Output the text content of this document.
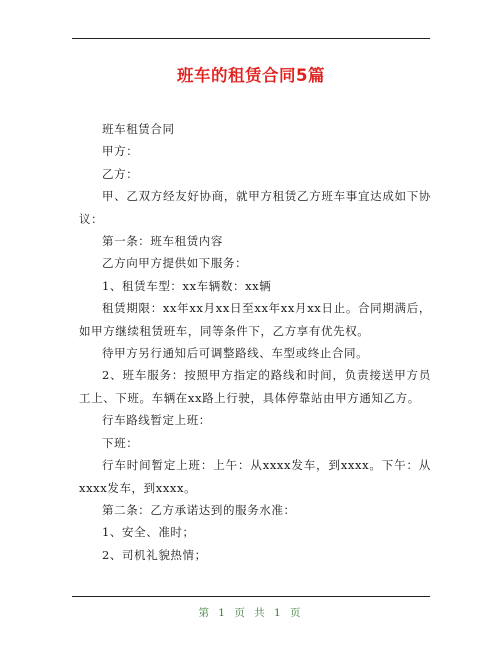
班车的租赁合同5篇

班车租赁合同

甲方：

乙方：

甲、乙双方经友好协商，就甲方租赁乙方班车事宜达成如下协议：

第一条：班车租赁内容

乙方向甲方提供如下服务：

1、租赁车型：xx车辆数：xx辆

租赁期限：xx年xx月xx日至xx年xx月xx日止。合同期满后，如甲方继续租赁班车，同等条件下，乙方享有优先权。

待甲方另行通知后可调整路线、车型或终止合同。

2、班车服务：按照甲方指定的路线和时间，负责接送甲方员工上、下班。车辆在xx路上行驶，具体停靠站由甲方通知乙方。

行车路线暂定上班：

下班：

行车时间暂定上班：上午：从xxxx发车，到xxxx。下午：从xxxx发车，到xxxx。

第二条：乙方承诺达到的服务水准：

1、安全、准时；

2、司机礼貌热情；

第 1 页 共 1 页
